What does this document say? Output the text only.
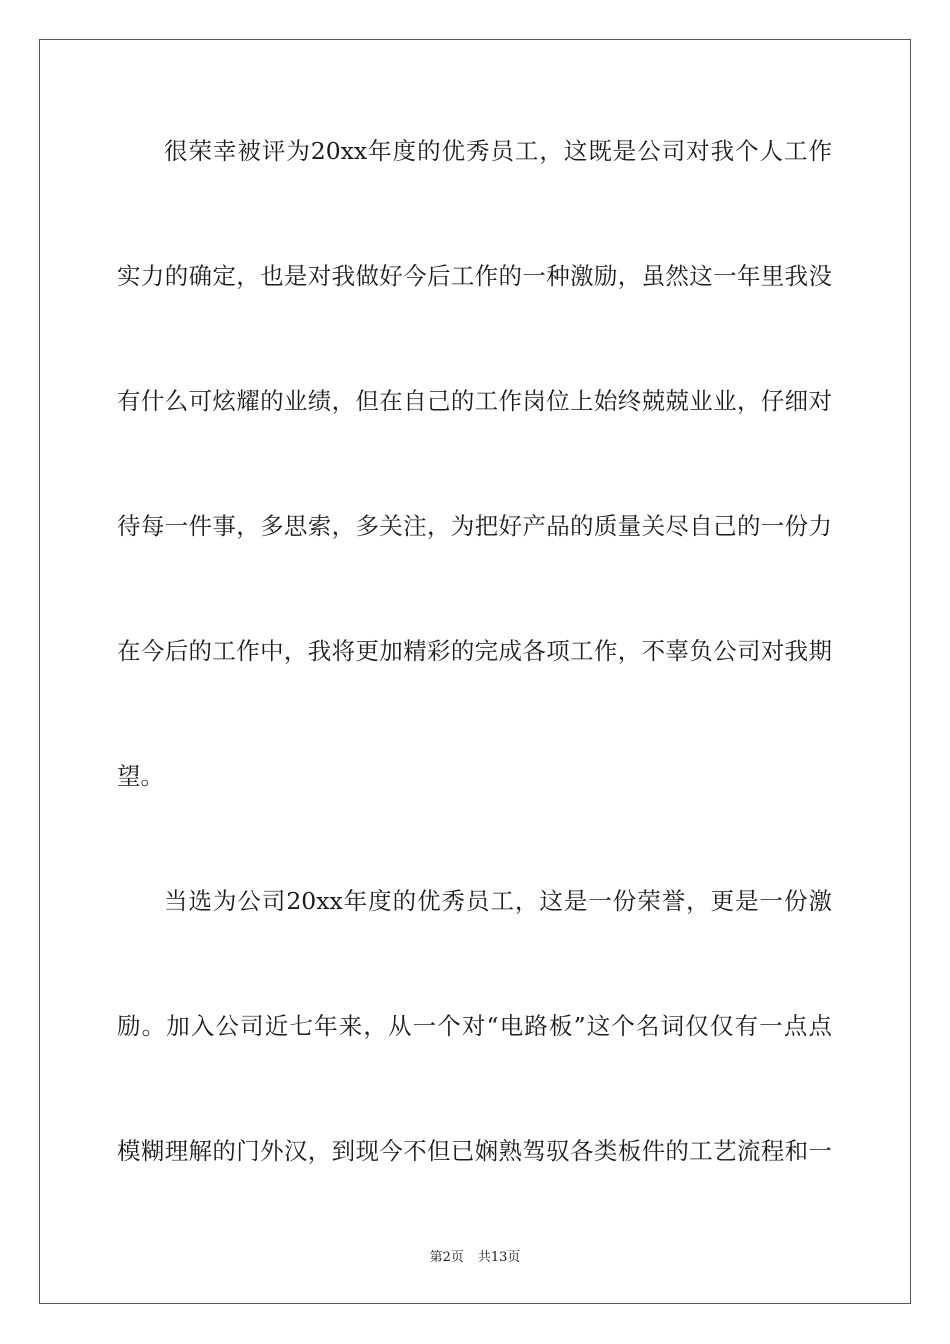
很荣幸被评为20xx年度的优秀员工，这既是公司对我个人工作
实力的确定，也是对我做好今后工作的一种激励，虽然这一年里我没
有什么可炫耀的业绩，但在自己的工作岗位上始终兢兢业业，仔细对
待每一件事，多思索，多关注，为把好产品的质量关尽自己的一份力
在今后的工作中，我将更加精彩的完成各项工作，不辜负公司对我期
望。
当选为公司20xx年度的优秀员工，这是一份荣誉，更是一份激
励。加入公司近七年来，从一个对“电路板”这个名词仅仅有一点点
模糊理解的门外汉，到现今不但已娴熟驾驭各类板件的工艺流程和一
第2页 共13页
